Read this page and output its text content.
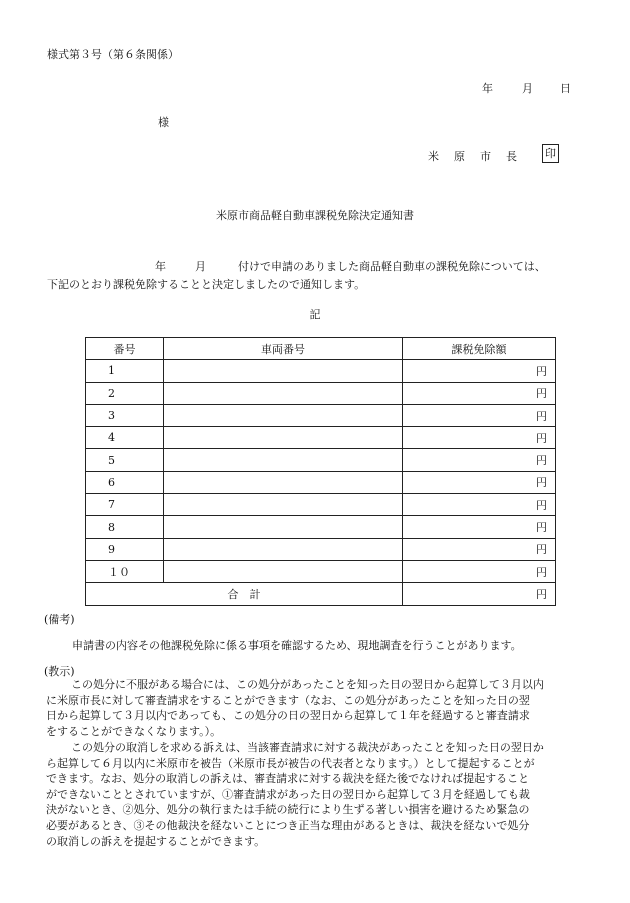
様式第３号（第６条関係）
年	月 日
様
米 原 市 長	印
米原市商品軽自動車課税免除決定通知書
年	月	付けで申請のありました商品軽自動車の課税免除については、
下記のとおり課税免除することと決定しましたので通知します。
記
番号	車両番号	課税免除額
1		円
2		円
3		円
4		円
5		円
6		円
7		円
8		円
9		円
１０		円
合　計		円
(備考)
申請書の内容その他課税免除に係る事項を確認するため、現地調査を行うことがあります。
(教示)
　この処分に不服がある場合には、この処分があったことを知った日の翌日から起算して３月以内
に米原市長に対して審査請求をすることができます（なお、この処分があったことを知った日の翌
日から起算して３月以内であっても、この処分の日の翌日から起算して１年を経過すると審査請求
をすることができなくなります。）。
　この処分の取消しを求める訴えは、当該審査請求に対する裁決があったことを知った日の翌日か
ら起算して６月以内に米原市を被告（米原市長が被告の代表者となります。）として提起することが
できます。なお、処分の取消しの訴えは、審査請求に対する裁決を経た後でなければ提起すること
ができないこととされていますが、①審査請求があった日の翌日から起算して３月を経過しても裁
決がないとき、②処分、処分の執行または手続の続行により生ずる著しい損害を避けるため緊急の
必要があるとき、③その他裁決を経ないことにつき正当な理由があるときは、裁決を経ないで処分
の取消しの訴えを提起することができます。
